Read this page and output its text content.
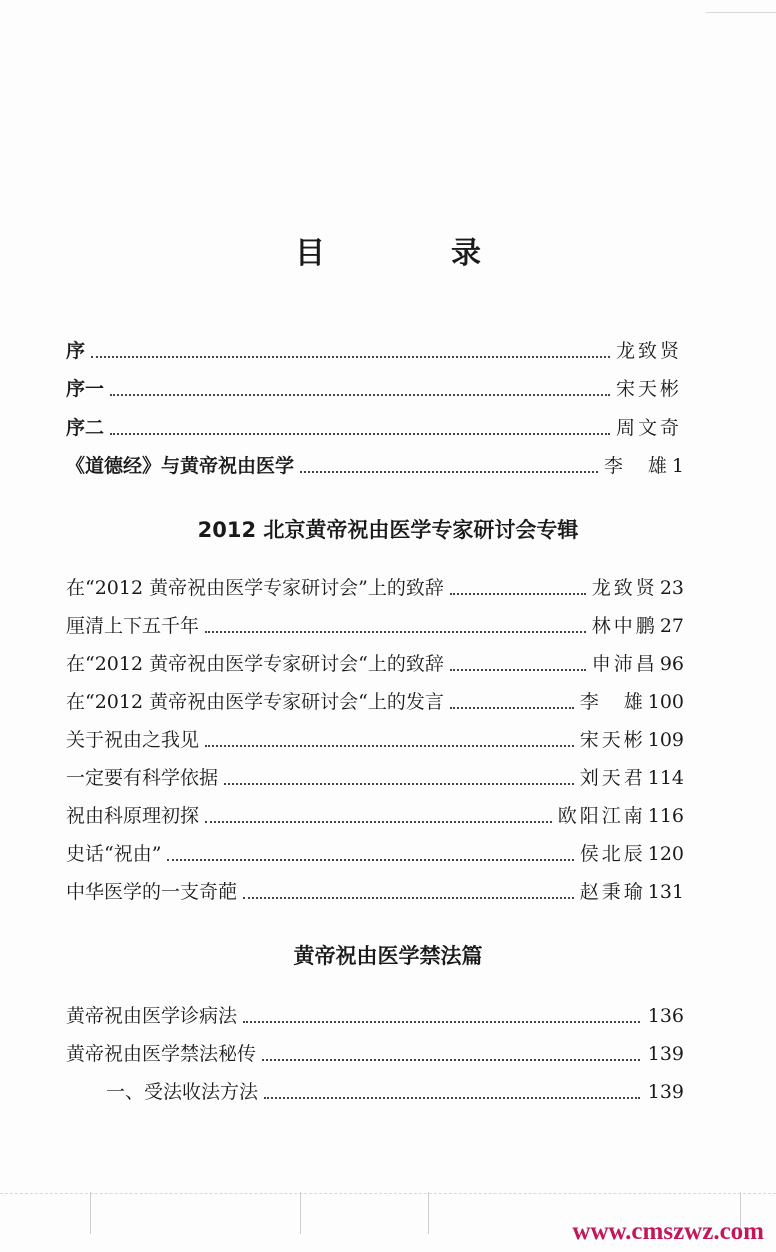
目　录
序	龙致贤
序一	宋天彬
序二	周文奇
《道德经》与黄帝祝由医学	李　雄 1
2012 北京黄帝祝由医学专家研讨会专辑
在“2012 黄帝祝由医学专家研讨会”上的致辞	龙致贤 23
厘清上下五千年	林中鹏 27
在“2012 黄帝祝由医学专家研讨会“上的致辞	申沛昌 96
在“2012 黄帝祝由医学专家研讨会“上的发言	李　雄 100
关于祝由之我见	宋天彬 109
一定要有科学依据	刘天君 114
祝由科原理初探	欧阳江南 116
史话“祝由”	侯北辰 120
中华医学的一支奇葩	赵秉瑜 131
黄帝祝由医学禁法篇
黄帝祝由医学诊病法	136
黄帝祝由医学禁法秘传	139
一、受法收法方法	139
www.cmszwz.com
